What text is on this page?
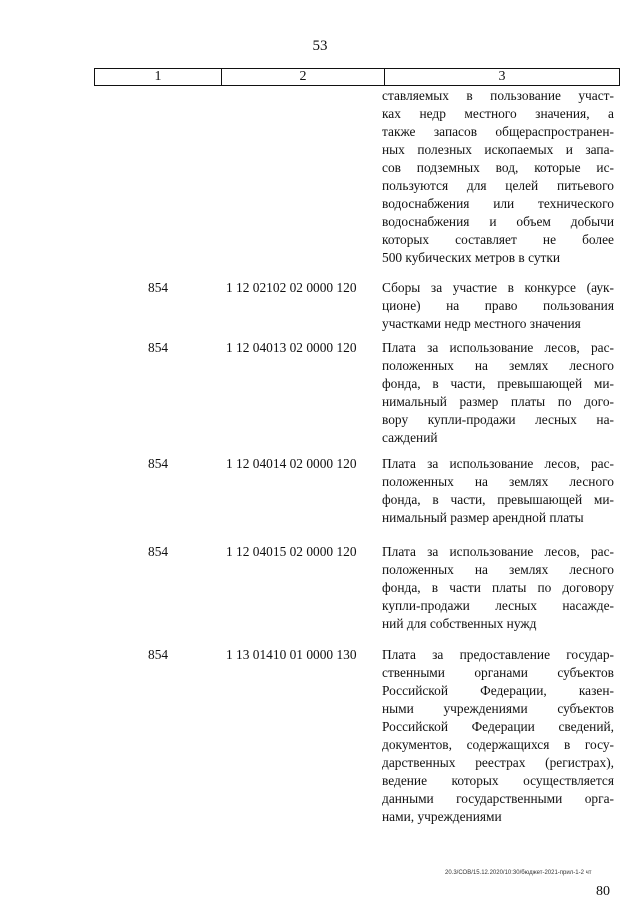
53
1	2	3
ставляемых в пользование участ-
ках недр местного значения, а
также запасов общераспространен-
ных полезных ископаемых и запа-
сов подземных вод, которые ис-
пользуются для целей питьевого
водоснабжения или технического
водоснабжения и объем добычи
которых составляет не более
500 кубических метров в сутки
854	1 12 02102 02 0000 120 Сборы за участие в конкурсе (аук-
ционе) на право пользования
участками недр местного значения
854	1 12 04013 02 0000 120 Плата за использование лесов, рас-
положенных на землях лесного
фонда, в части, превышающей ми-
нимальный размер платы по дого-
вору купли-продажи лесных на-
саждений
854	1 12 04014 02 0000 120 Плата за использование лесов, рас-
положенных на землях лесного
фонда, в части, превышающей ми-
нимальный размер арендной платы
854	1 12 04015 02 0000 120 Плата за использование лесов, рас-
положенных на землях лесного
фонда, в части платы по договору
купли-продажи лесных насажде-
ний для собственных нужд
854	1 13 01410 01 0000 130 Плата за предоставление государ-
ственными органами субъектов
Российской Федерации, казен-
ными учреждениями субъектов
Российской Федерации сведений,
документов, содержащихся в госу-
дарственных реестрах (регистрах),
ведение которых осуществляется
данными государственными орга-
нами, учреждениями
20.3/СОВ/15.12.2020/10:30/бюджет-2021-прил-1-2 чт
80
